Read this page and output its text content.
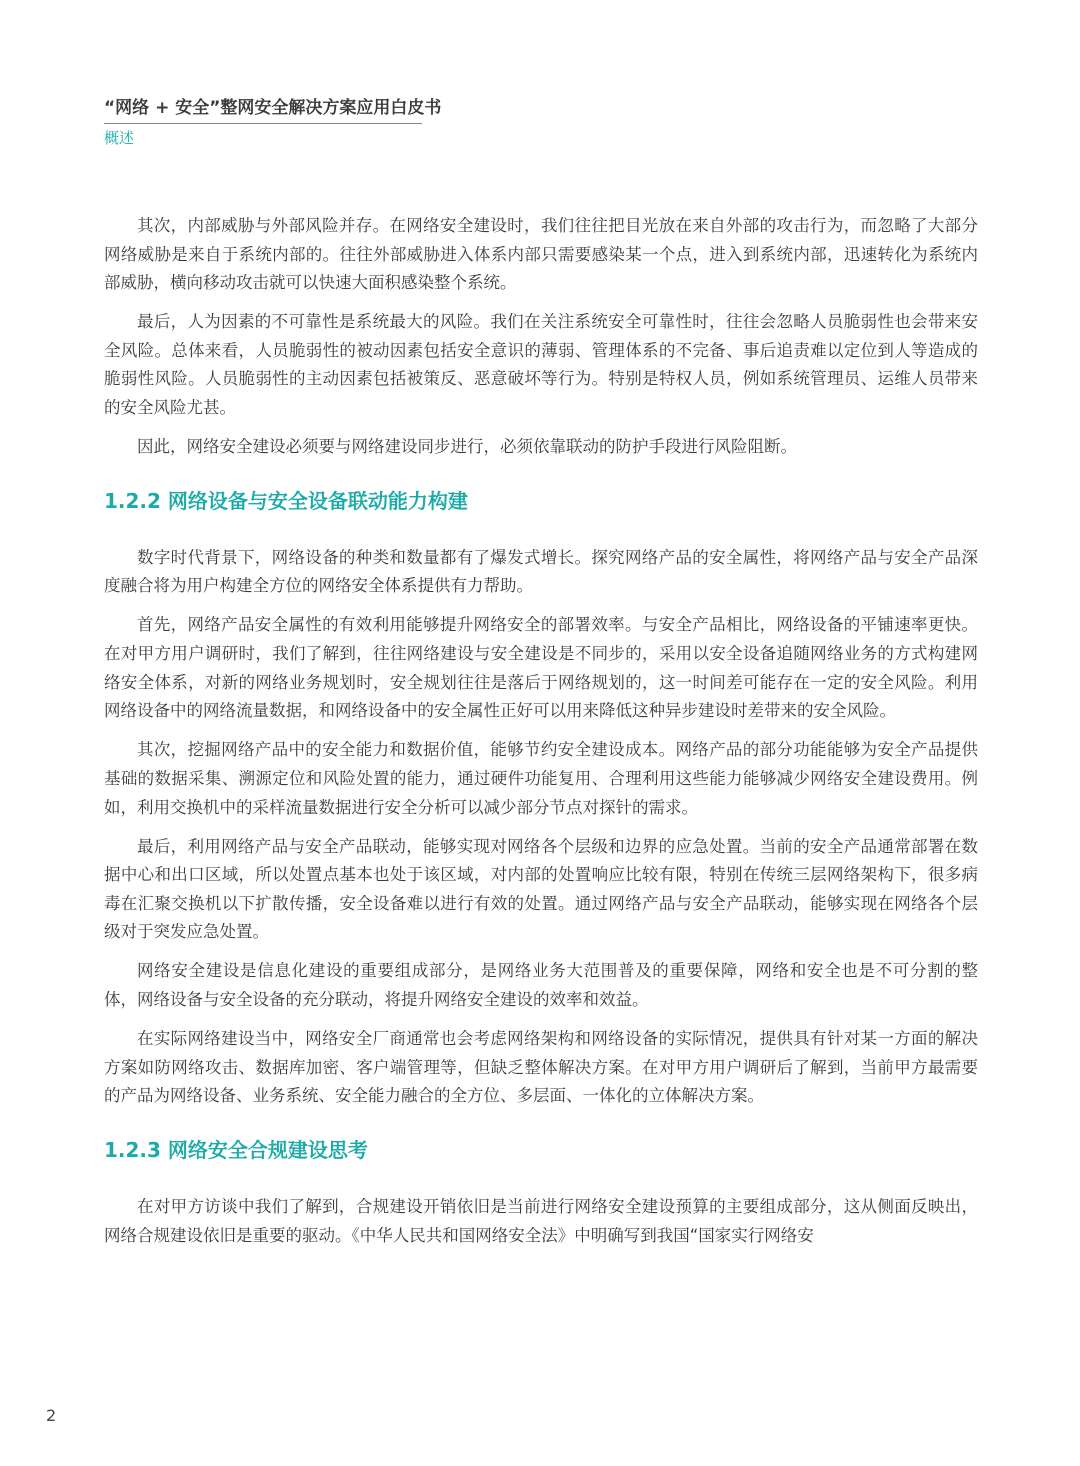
“网络 + 安全”整网安全解决方案应用白皮书
概述

其次，内部威胁与外部风险并存。在网络安全建设时，我们往往把目光放在来自外部的攻击行为，而忽略了大部分网络威胁是来自于系统内部的。往往外部威胁进入体系内部只需要感染某一个点，进入到系统内部，迅速转化为系统内部威胁，横向移动攻击就可以快速大面积感染整个系统。

最后，人为因素的不可靠性是系统最大的风险。我们在关注系统安全可靠性时，往往会忽略人员脆弱性也会带来安全风险。总体来看，人员脆弱性的被动因素包括安全意识的薄弱、管理体系的不完备、事后追责难以定位到人等造成的脆弱性风险。人员脆弱性的主动因素包括被策反、恶意破坏等行为。特别是特权人员，例如系统管理员、运维人员带来的安全风险尤甚。

因此，网络安全建设必须要与网络建设同步进行，必须依靠联动的防护手段进行风险阻断。

1.2.2 网络设备与安全设备联动能力构建

数字时代背景下，网络设备的种类和数量都有了爆发式增长。探究网络产品的安全属性，将网络产品与安全产品深度融合将为用户构建全方位的网络安全体系提供有力帮助。

首先，网络产品安全属性的有效利用能够提升网络安全的部署效率。与安全产品相比，网络设备的平铺速率更快。在对甲方用户调研时，我们了解到，往往网络建设与安全建设是不同步的，采用以安全设备追随网络业务的方式构建网络安全体系，对新的网络业务规划时，安全规划往往是落后于网络规划的，这一时间差可能存在一定的安全风险。利用网络设备中的网络流量数据，和网络设备中的安全属性正好可以用来降低这种异步建设时差带来的安全风险。

其次，挖掘网络产品中的安全能力和数据价值，能够节约安全建设成本。网络产品的部分功能能够为安全产品提供基础的数据采集、溯源定位和风险处置的能力，通过硬件功能复用、合理利用这些能力能够减少网络安全建设费用。例如，利用交换机中的采样流量数据进行安全分析可以减少部分节点对探针的需求。

最后，利用网络产品与安全产品联动，能够实现对网络各个层级和边界的应急处置。当前的安全产品通常部署在数据中心和出口区域，所以处置点基本也处于该区域，对内部的处置响应比较有限，特别在传统三层网络架构下，很多病毒在汇聚交换机以下扩散传播，安全设备难以进行有效的处置。通过网络产品与安全产品联动，能够实现在网络各个层级对于突发应急处置。

网络安全建设是信息化建设的重要组成部分，是网络业务大范围普及的重要保障，网络和安全也是不可分割的整体，网络设备与安全设备的充分联动，将提升网络安全建设的效率和效益。

在实际网络建设当中，网络安全厂商通常也会考虑网络架构和网络设备的实际情况，提供具有针对某一方面的解决方案如防网络攻击、数据库加密、客户端管理等，但缺乏整体解决方案。在对甲方用户调研后了解到，当前甲方最需要的产品为网络设备、业务系统、安全能力融合的全方位、多层面、一体化的立体解决方案。

1.2.3 网络安全合规建设思考

在对甲方访谈中我们了解到，合规建设开销依旧是当前进行网络安全建设预算的主要组成部分，这从侧面反映出，网络合规建设依旧是重要的驱动。《中华人民共和国网络安全法》中明确写到我国“国家实行网络安

2
